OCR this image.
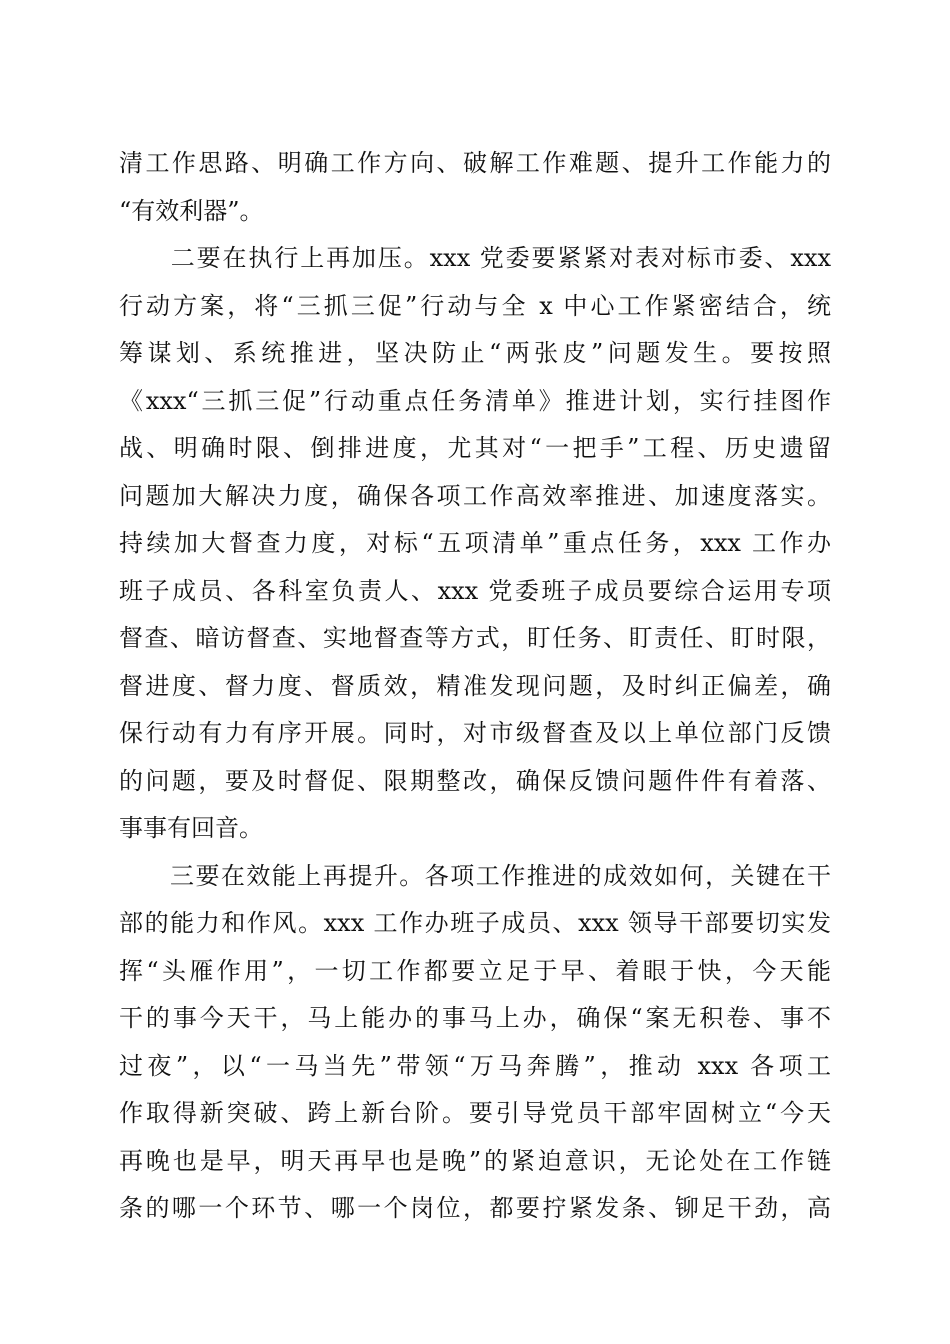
清工作思路、明确工作方向、破解工作难题、提升工作能力的
“有效利器”。
　　二要在执行上再加压。xxx 党委要紧紧对表对标市委、xxx
行动方案，将“三抓三促”行动与全 x 中心工作紧密结合，统
筹谋划、系统推进，坚决防止“两张皮”问题发生。要按照
《xxx“三抓三促”行动重点任务清单》推进计划，实行挂图作
战、明确时限、倒排进度，尤其对“一把手”工程、历史遗留
问题加大解决力度，确保各项工作高效率推进、加速度落实。
持续加大督查力度，对标“五项清单”重点任务，xxx 工作办
班子成员、各科室负责人、xxx 党委班子成员要综合运用专项
督查、暗访督查、实地督查等方式，盯任务、盯责任、盯时限，
督进度、督力度、督质效，精准发现问题，及时纠正偏差，确
保行动有力有序开展。同时，对市级督查及以上单位部门反馈
的问题，要及时督促、限期整改，确保反馈问题件件有着落、
事事有回音。
　　三要在效能上再提升。各项工作推进的成效如何，关键在干
部的能力和作风。xxx 工作办班子成员、xxx 领导干部要切实发
挥“头雁作用”，一切工作都要立足于早、着眼于快，今天能
干的事今天干，马上能办的事马上办，确保“案无积卷、事不
过夜”，以“一马当先”带领“万马奔腾”，推动 xxx 各项工
作取得新突破、跨上新台阶。要引导党员干部牢固树立“今天
再晚也是早，明天再早也是晚”的紧迫意识，无论处在工作链
条的哪一个环节、哪一个岗位，都要拧紧发条、铆足干劲，高
